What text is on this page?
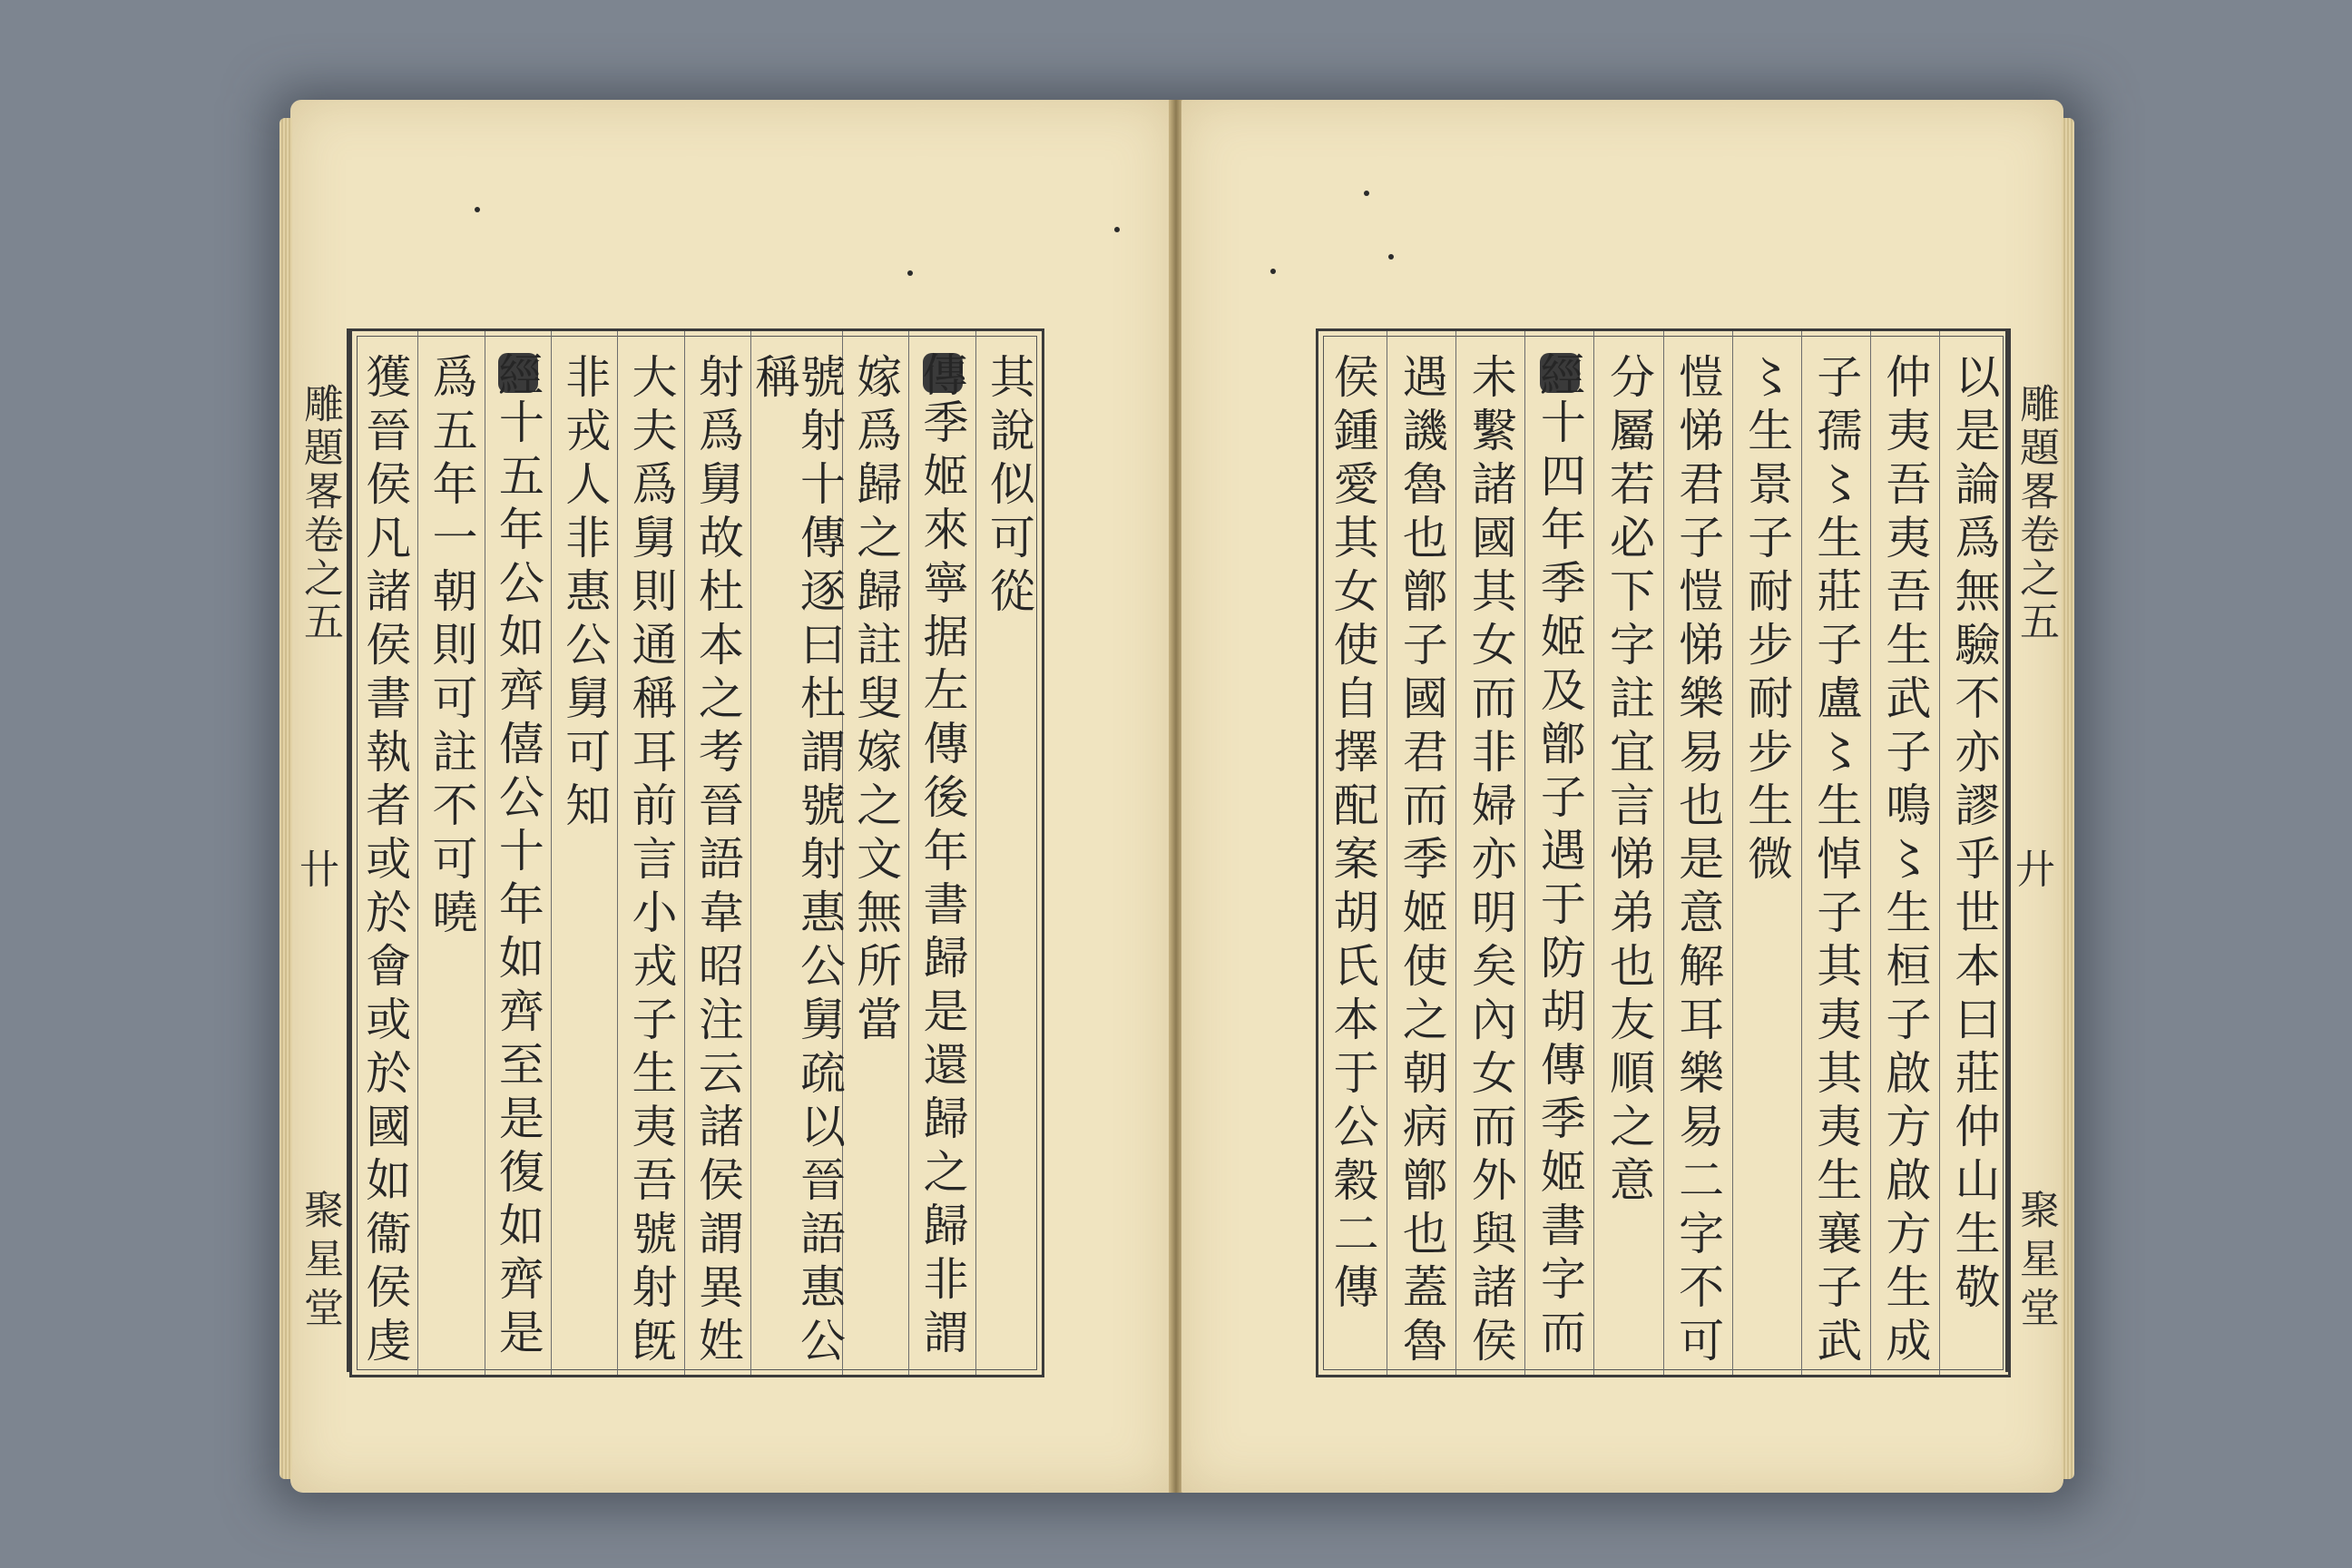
雕題畧卷之五
卄
聚星堂
其說似可從
傳
季姬來寧据左傳後年書歸是還歸之歸非謂
嫁爲歸之歸註叟嫁之文無所當
號射十傳逐曰杜謂號射惠公舅疏以晉語惠公稱
射爲舅故杜本之考晉語韋昭注云諸侯謂異姓
大夫爲舅則通稱耳前言小戎子生夷吾號射旣
非戎人非惠公舅可知
經
十五年公如齊僖公十年如齊至是復如齊是
爲五年一朝則可註不可曉
獲晉侯凡諸侯書執者或於會或於國如衞侯虔	以是論爲無驗不亦謬乎世本曰莊仲山生敬
仲夷吾夷吾生武子鳴〻生桓子啟方啟方生成
子孺〻生莊子盧〻生悼子其夷其夷生襄子武
〻生景子耐步耐步生微
愷悌君子愷悌樂易也是意解耳樂易二字不可
分屬若必下字註宜言悌弟也友順之意
經
十四年季姬及鄫子遇于防胡傳季姬書字而
未繫諸國其女而非婦亦明矣內女而外與諸侯
遇譏魯也鄫子國君而季姬使之朝病鄫也蓋魯
侯鍾愛其女使自擇配案胡氏本于公穀二傳	雕題畧卷之五
廾
聚星堂
